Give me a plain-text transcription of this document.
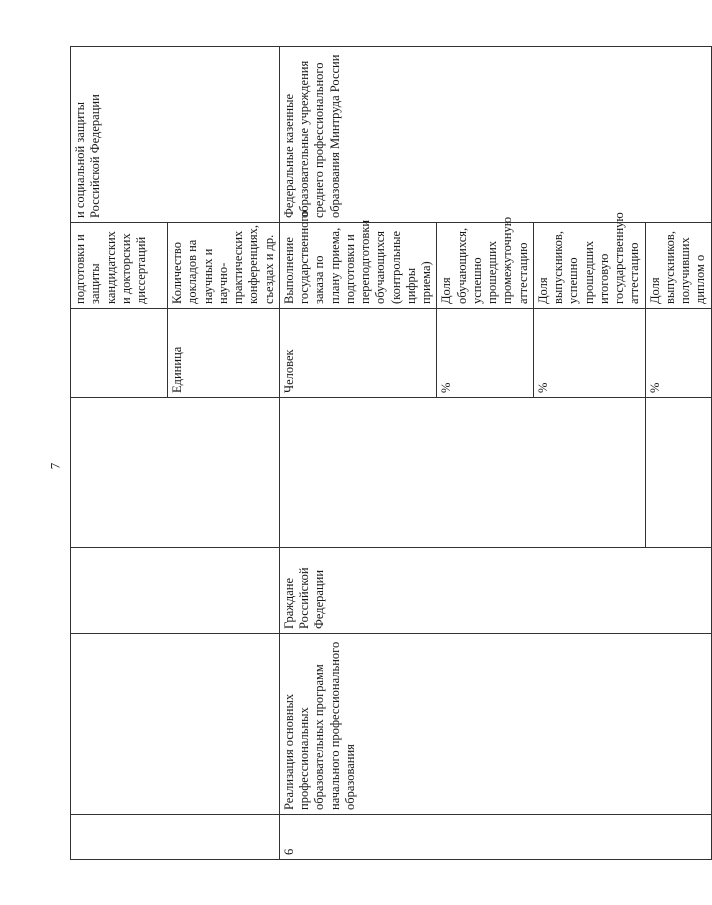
7
					подготовки и защиты кандидатских и докторских диссертаций	и социальной защиты Российской Федерации
				Единица	Количество докладов на научных и научно-практических конференциях, съездах и др.	
6	Реализация основных профессиональных образовательных программ начального профессионального образования	Граждане Российской Федерации		Человек	Выполнение государственного заказа по плану приема, подготовки и переподготовки обучающихся (контрольные цифры приема)	Федеральные казенные образовательные учреждения среднего профессионального образования Минтруда России
				%	Доля обучающихся, успешно прошедших промежуточную аттестацию	
				%	Доля выпускников, успешно прошедших итоговую государственную аттестацию	
				%	Доля выпускников, получивших диплом о	
